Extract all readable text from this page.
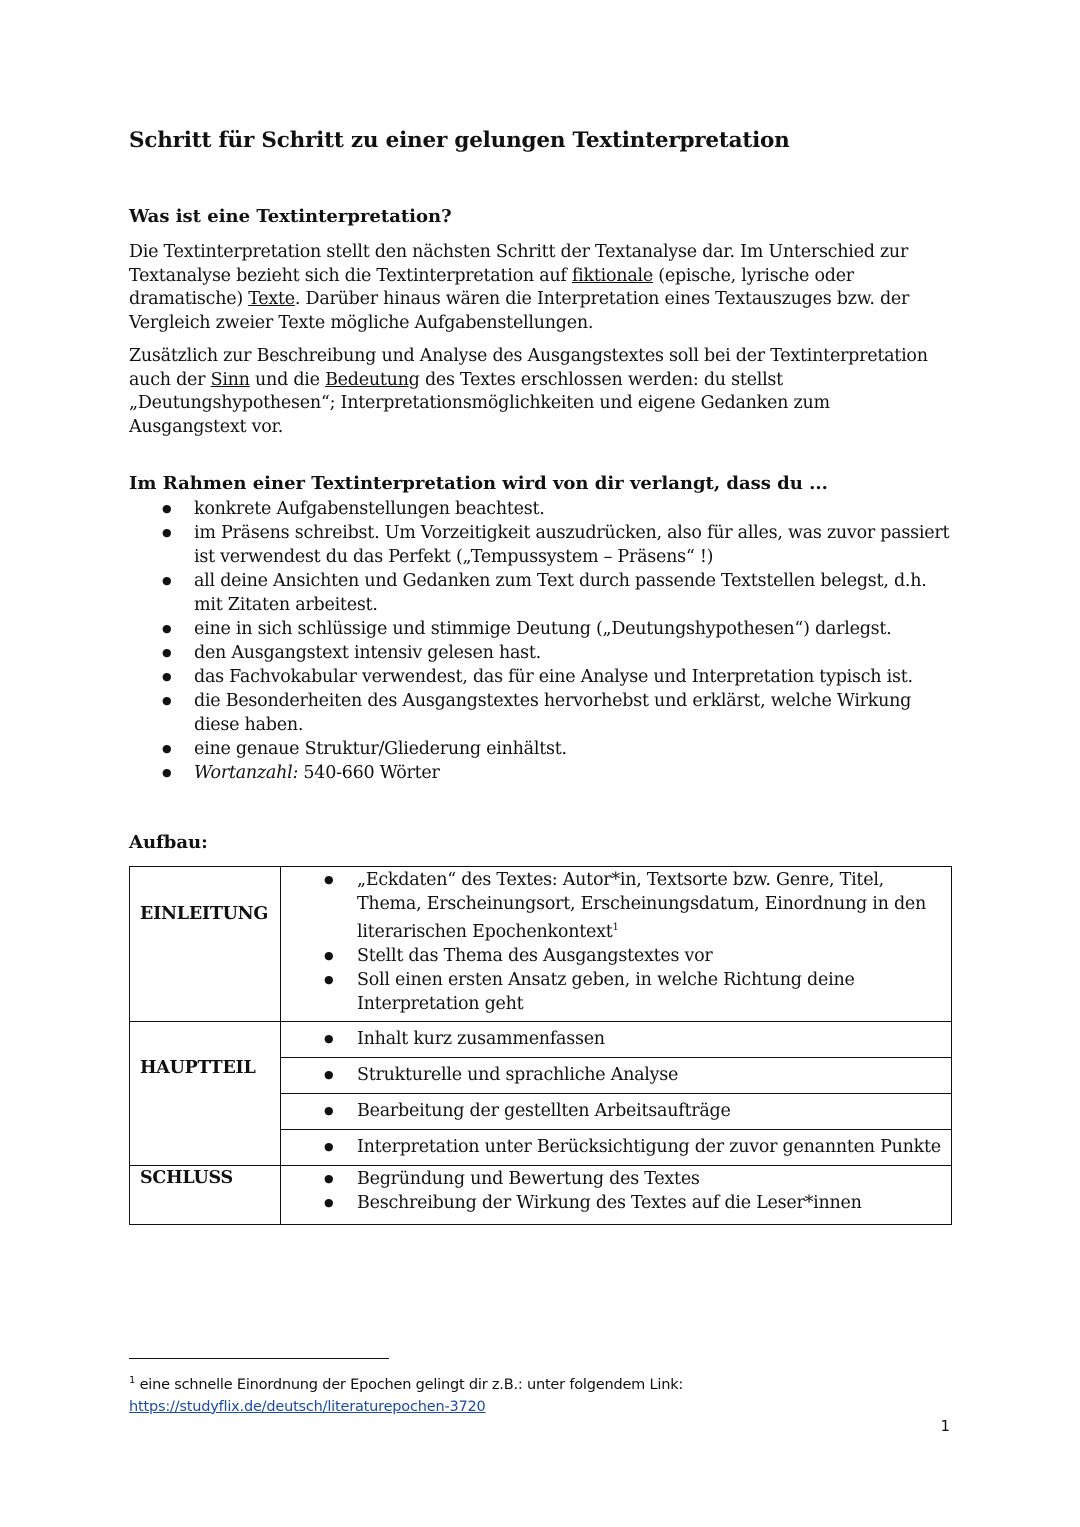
Schritt für Schritt zu einer gelungen Textinterpretation
Was ist eine Textinterpretation?

Die Textinterpretation stellt den nächsten Schritt der Textanalyse dar. Im Unterschied zur Textanalyse bezieht sich die Textinterpretation auf fiktionale (epische, lyrische oder dramatische) Texte. Darüber hinaus wären die Interpretation eines Textauszuges bzw. der Vergleich zweier Texte mögliche Aufgabenstellungen.

Zusätzlich zur Beschreibung und Analyse des Ausgangstextes soll bei der Textinterpretation auch der Sinn und die Bedeutung des Textes erschlossen werden: du stellst „Deutungshypothesen“; Interpretationsmöglichkeiten und eigene Gedanken zum Ausgangstext vor.

Im Rahmen einer Textinterpretation wird von dir verlangt, dass du ...
● konkrete Aufgabenstellungen beachtest.
● im Präsens schreibst. Um Vorzeitigkeit auszudrücken, also für alles, was zuvor passiert ist verwendest du das Perfekt („Tempussystem – Präsens“ !)
● all deine Ansichten und Gedanken zum Text durch passende Textstellen belegst, d.h. mit Zitaten arbeitest.
● eine in sich schlüssige und stimmige Deutung („Deutungshypothesen“) darlegst.
● den Ausgangstext intensiv gelesen hast.
● das Fachvokabular verwendest, das für eine Analyse und Interpretation typisch ist.
● die Besonderheiten des Ausgangstextes hervorhebst und erklärst, welche Wirkung diese haben.
● eine genaue Struktur/Gliederung einhältst.
● Wortanzahl: 540-660 Wörter
Aufbau:
EINLEITUNG	● „Eckdaten“ des Textes: Autor*in, Textsorte bzw. Genre, Titel, Thema, Erscheinungsort, Erscheinungsdatum, Einordnung in den literarischen Epochenkontext$^1$
● Stellt das Thema des Ausgangstextes vor
● Soll einen ersten Ansatz geben, in welche Richtung deine Interpretation geht

HAUPTTEIL	● Inhalt kurz zusammenfassen

	● Strukturelle und sprachliche Analyse

	● Bearbeitung der gestellten Arbeitsaufträge

	● Interpretation unter Berücksichtigung der zuvor genannten Punkte

SCHLUSS	● Begründung und Bewertung des Textes
● Beschreibung der Wirkung des Textes auf die Leser*innen
$^1$ eine schnelle Einordnung der Epochen gelingt dir z.B.: unter folgendem Link:
https://studyflix.de/deutsch/literaturepochen-3720
1
